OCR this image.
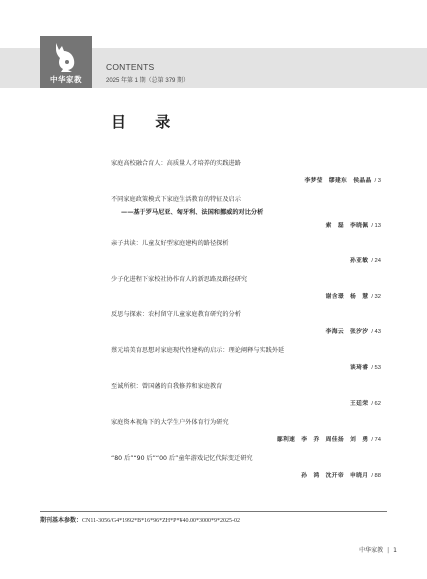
中华家教
CONTENTS
2025 年第 1 期（总第 379 期）
目 录
家庭高校融合育人：高质量人才培养的实践进路
李梦莹　缪建东　侯晶晶 / 3
不同家庭政策模式下家庭生活教育的特征及启示
——基于罗马尼亚、匈牙利、法国和挪威的对比分析
索　磊　李晓佩 / 13
亲子共读：儿童友好型家庭建构的路径探析
孙亚敏 / 24
少子化进程下家校社协作育人的新思路及路径研究
谢含璟　杨　慧 / 32
反思与探索：农村留守儿童家庭教育研究的分析
李海云　张汐汐 / 43
蔡元培美育思想对家庭现代性建构的启示：理论阐释与实践外延
谈琦睿 / 53
至诚所积：曾国藩的自我修养和家庭教育
王廷荣 / 62
家庭资本视角下的大学生户外体育行为研究
鄢利速　李　乔　周佳扬　刘　勇 / 74
“80 后”“90 后”“00 后”童年游戏记忆代际变迁研究
孙　鸿　沈开帝　申晓月 / 88
期刊基本参数：CN11-3056/G4*1992*B*16*96*ZH*P*¥40.00*3000*9*2025-02
中华家教 | 1
